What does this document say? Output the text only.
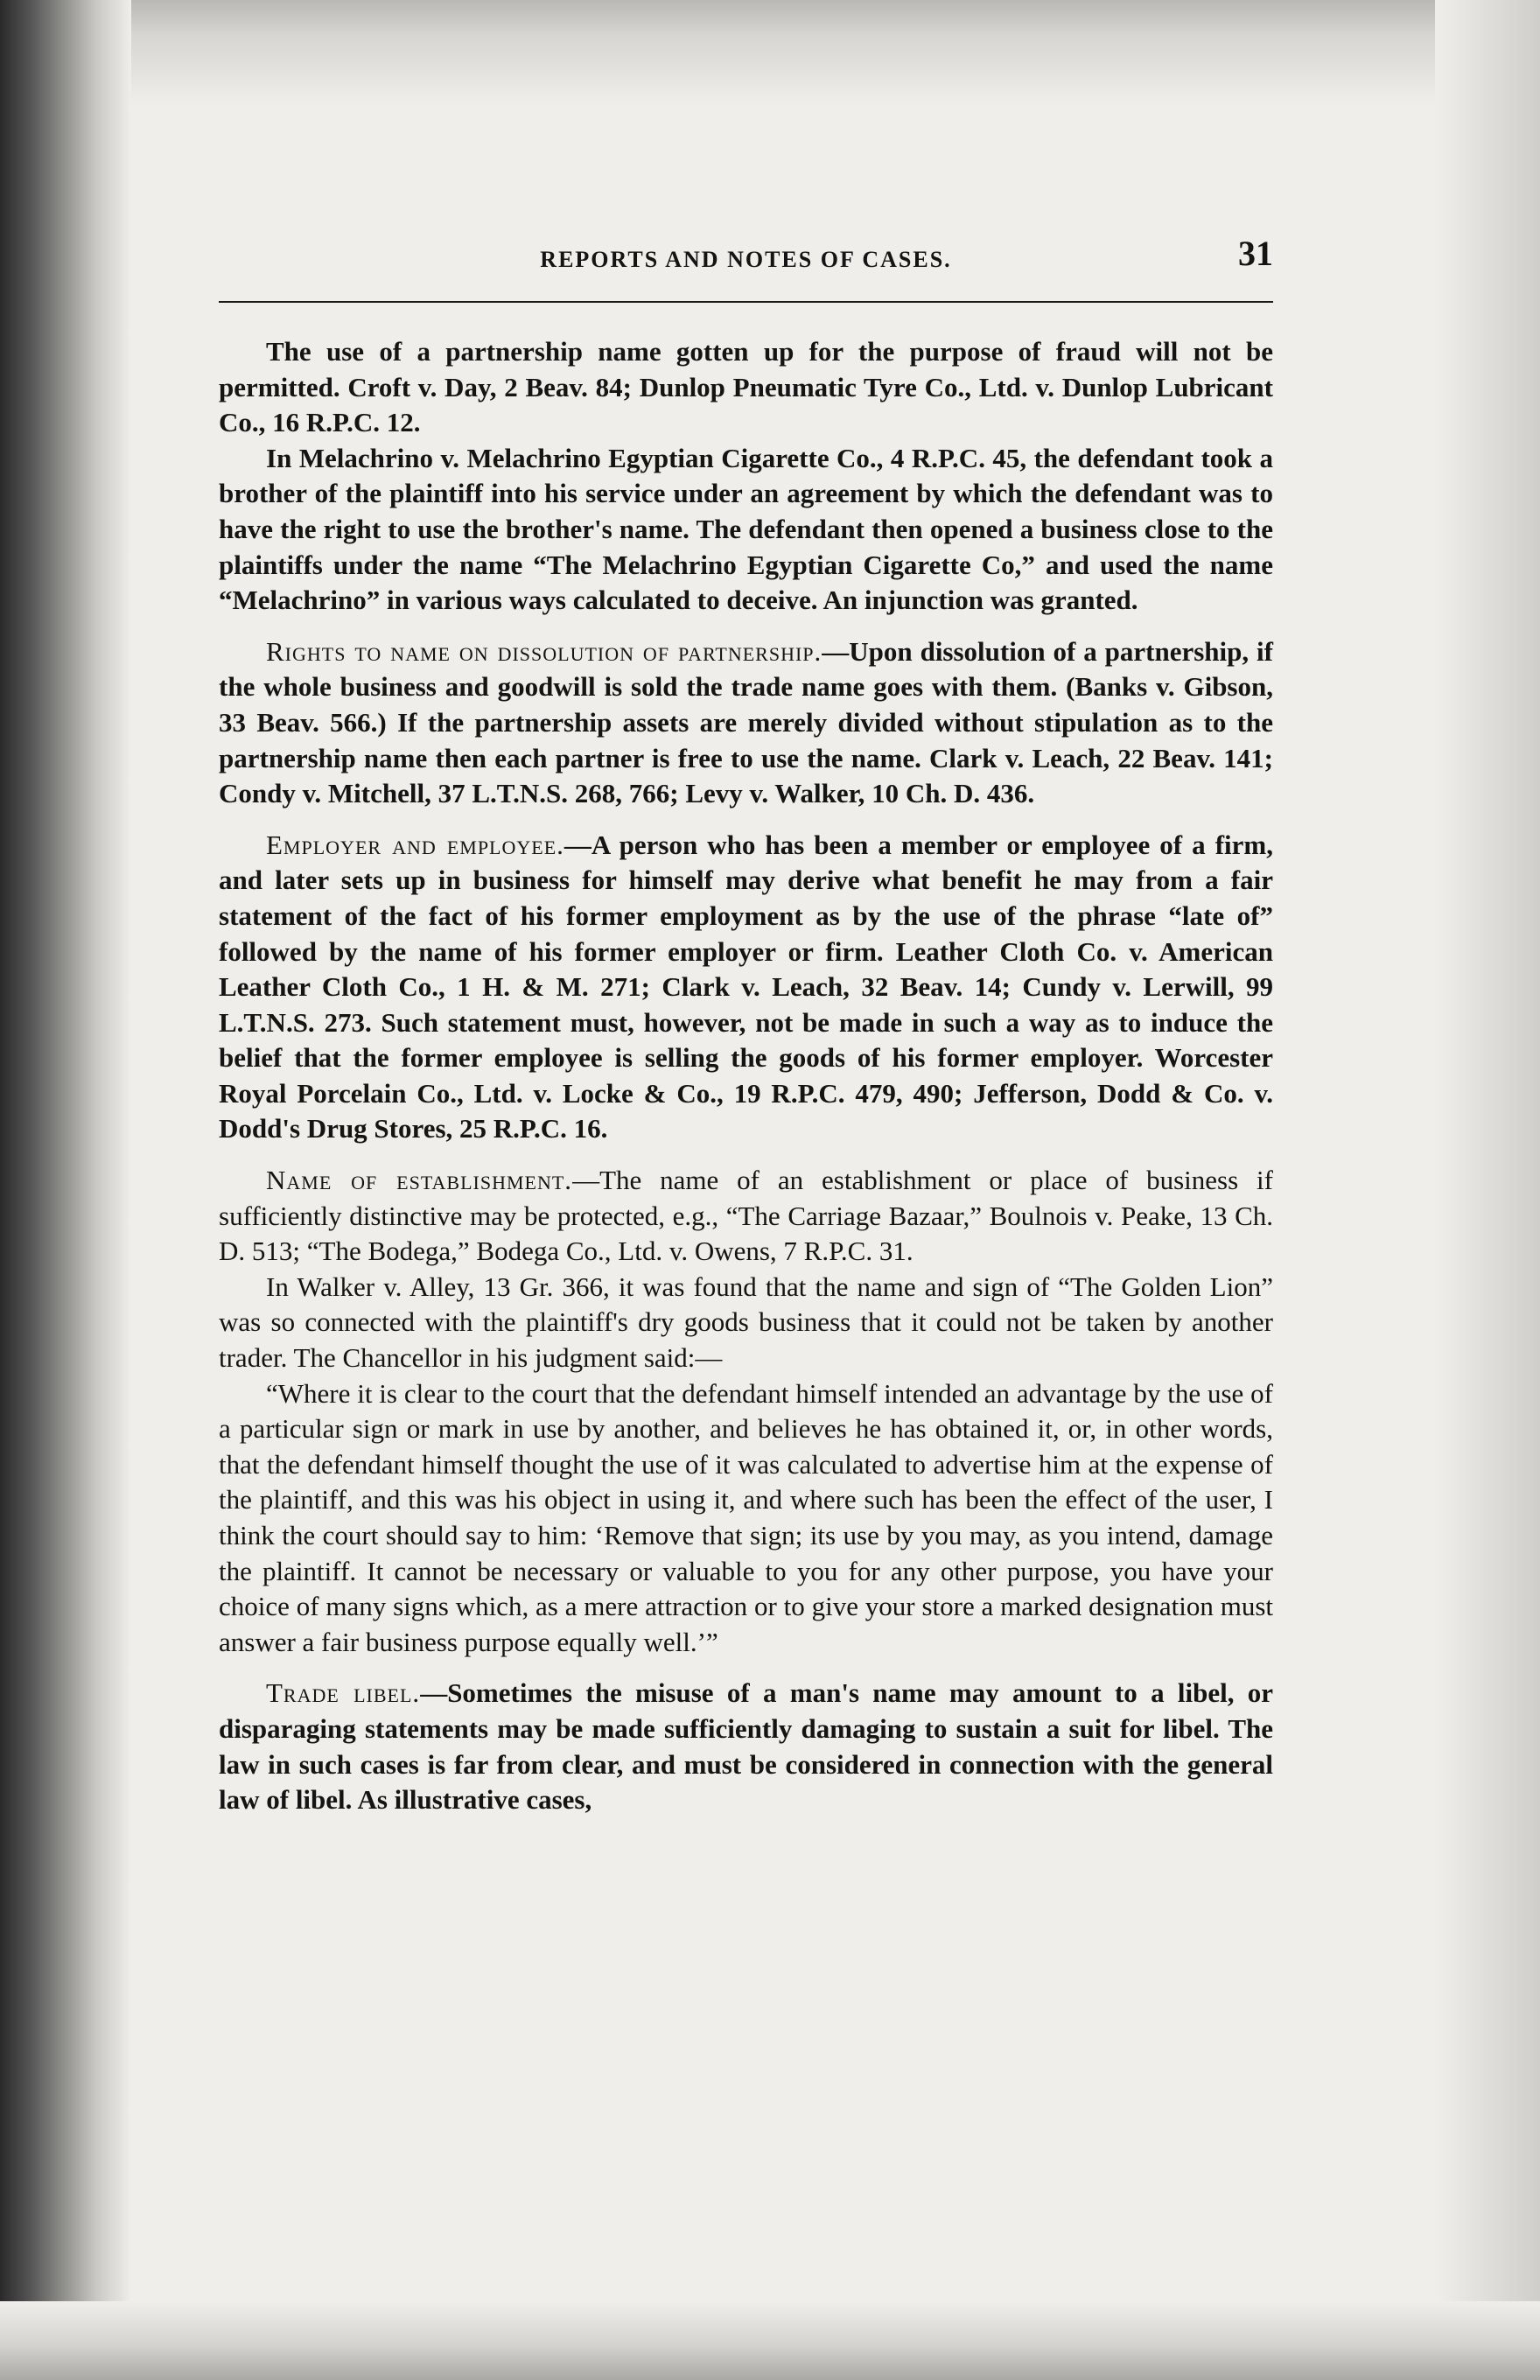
REPORTS AND NOTES OF CASES.	31

The use of a partnership name gotten up for the purpose of fraud will not be permitted. Croft v. Day, 2 Beav. 84; Dunlop Pneumatic Tyre Co., Ltd. v. Dunlop Lubricant Co., 16 R.P.C. 12.

In Melachrino v. Melachrino Egyptian Cigarette Co., 4 R.P.C. 45, the defendant took a brother of the plaintiff into his service under an agreement by which the defendant was to have the right to use the brother's name. The defendant then opened a business close to the plaintiffs under the name “The Melachrino Egyptian Cigarette Co,” and used the name “Melachrino” in various ways calculated to deceive. An injunction was granted.

Rights to name on dissolution of partnership.—Upon dissolution of a partnership, if the whole business and goodwill is sold the trade name goes with them. (Banks v. Gibson, 33 Beav. 566.) If the partnership assets are merely divided without stipulation as to the partnership name then each partner is free to use the name. Clark v. Leach, 22 Beav. 141; Condy v. Mitchell, 37 L.T.N.S. 268, 766; Levy v. Walker, 10 Ch. D. 436.

Employer and employee.—A person who has been a member or employee of a firm, and later sets up in business for himself may derive what benefit he may from a fair statement of the fact of his former employment as by the use of the phrase “late of” followed by the name of his former employer or firm. Leather Cloth Co. v. American Leather Cloth Co., 1 H. & M. 271; Clark v. Leach, 32 Beav. 14; Cundy v. Lerwill, 99 L.T.N.S. 273. Such statement must, however, not be made in such a way as to induce the belief that the former employee is selling the goods of his former employer. Worcester Royal Porcelain Co., Ltd. v. Locke & Co., 19 R.P.C. 479, 490; Jefferson, Dodd & Co. v. Dodd's Drug Stores, 25 R.P.C. 16.

Name of establishment.—The name of an establishment or place of business if sufficiently distinctive may be protected, e.g., “The Carriage Bazaar,” Boulnois v. Peake, 13 Ch. D. 513; “The Bodega,” Bodega Co., Ltd. v. Owens, 7 R.P.C. 31.

In Walker v. Alley, 13 Gr. 366, it was found that the name and sign of “The Golden Lion” was so connected with the plaintiff's dry goods business that it could not be taken by another trader. The Chancellor in his judgment said:—

“Where it is clear to the court that the defendant himself intended an advantage by the use of a particular sign or mark in use by another, and believes he has obtained it, or, in other words, that the defendant himself thought the use of it was calculated to advertise him at the expense of the plaintiff, and this was his object in using it, and where such has been the effect of the user, I think the court should say to him: ‘Remove that sign; its use by you may, as you intend, damage the plaintiff. It cannot be necessary or valuable to you for any other purpose, you have your choice of many signs which, as a mere attraction or to give your store a marked designation must answer a fair business purpose equally well.’”

Trade libel.—Sometimes the misuse of a man's name may amount to a libel, or disparaging statements may be made sufficiently damaging to sustain a suit for libel. The law in such cases is far from clear, and must be considered in connection with the general law of libel. As illustrative cases,
